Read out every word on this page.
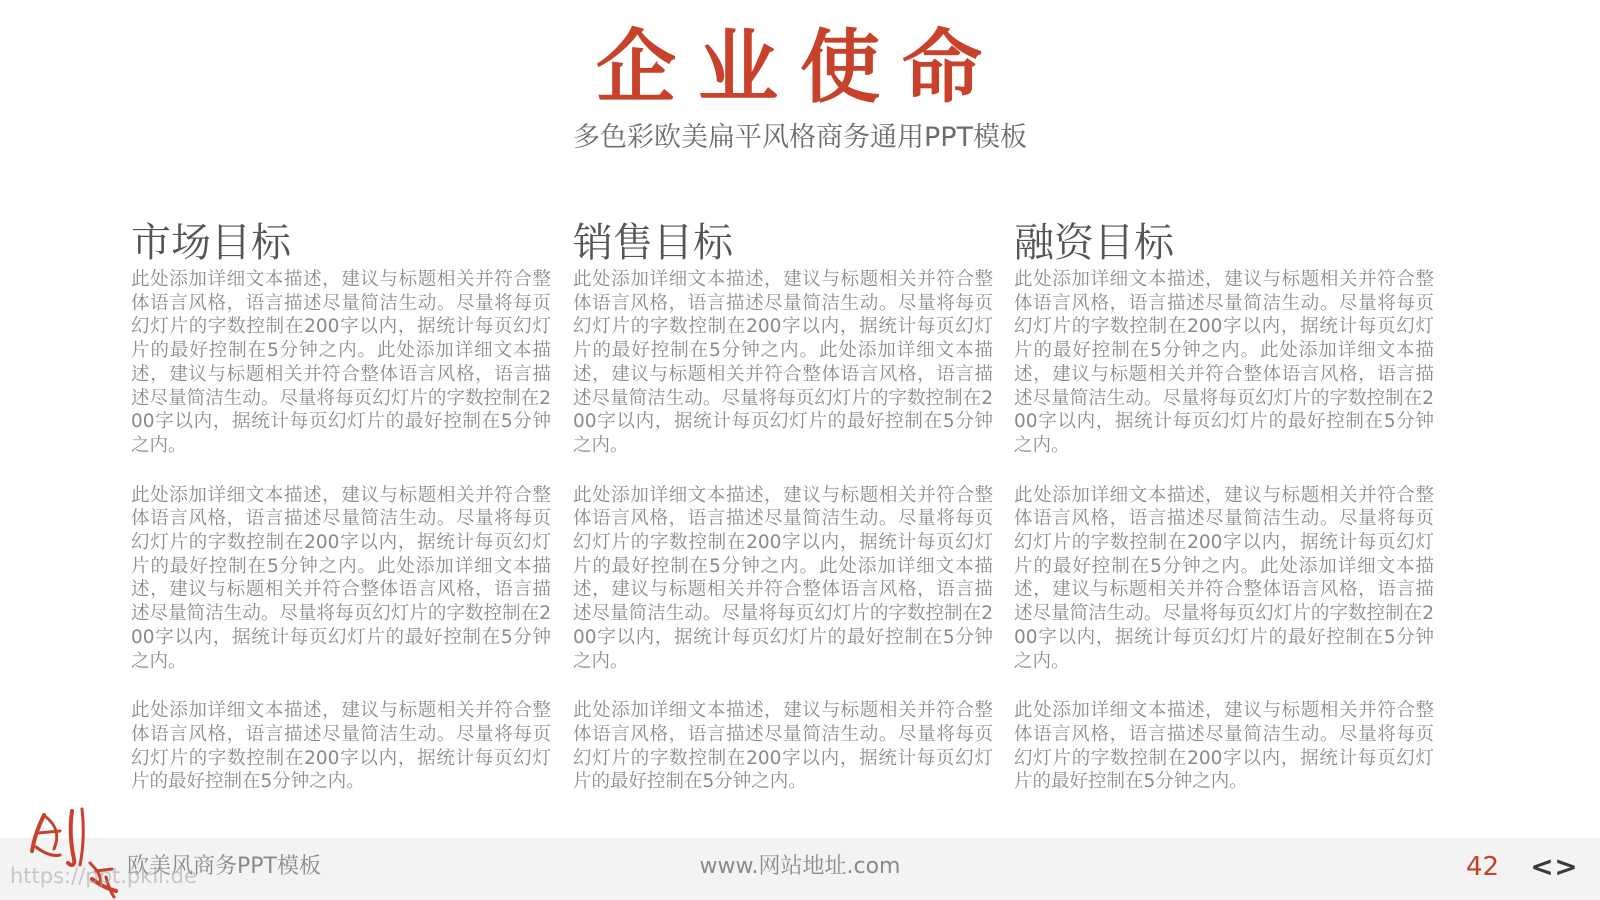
企业使命
多色彩欧美扁平风格商务通用PPT模板
市场目标

此处添加详细文本描述，建议与标题相关并符合整体语言风格，语言描述尽量简洁生动。尽量将每页幻灯片的字数控制在200字以内，据统计每页幻灯片的最好控制在5分钟之内。此处添加详细文本描述，建议与标题相关并符合整体语言风格，语言描述尽量简洁生动。尽量将每页幻灯片的字数控制在200字以内，据统计每页幻灯片的最好控制在5分钟之内。

此处添加详细文本描述，建议与标题相关并符合整体语言风格，语言描述尽量简洁生动。尽量将每页幻灯片的字数控制在200字以内，据统计每页幻灯片的最好控制在5分钟之内。此处添加详细文本描述，建议与标题相关并符合整体语言风格，语言描述尽量简洁生动。尽量将每页幻灯片的字数控制在200字以内，据统计每页幻灯片的最好控制在5分钟之内。

此处添加详细文本描述，建议与标题相关并符合整体语言风格，语言描述尽量简洁生动。尽量将每页幻灯片的字数控制在200字以内，据统计每页幻灯片的最好控制在5分钟之内。

销售目标

此处添加详细文本描述，建议与标题相关并符合整体语言风格，语言描述尽量简洁生动。尽量将每页幻灯片的字数控制在200字以内，据统计每页幻灯片的最好控制在5分钟之内。此处添加详细文本描述，建议与标题相关并符合整体语言风格，语言描述尽量简洁生动。尽量将每页幻灯片的字数控制在200字以内，据统计每页幻灯片的最好控制在5分钟之内。

此处添加详细文本描述，建议与标题相关并符合整体语言风格，语言描述尽量简洁生动。尽量将每页幻灯片的字数控制在200字以内，据统计每页幻灯片的最好控制在5分钟之内。此处添加详细文本描述，建议与标题相关并符合整体语言风格，语言描述尽量简洁生动。尽量将每页幻灯片的字数控制在200字以内，据统计每页幻灯片的最好控制在5分钟之内。

此处添加详细文本描述，建议与标题相关并符合整体语言风格，语言描述尽量简洁生动。尽量将每页幻灯片的字数控制在200字以内，据统计每页幻灯片的最好控制在5分钟之内。

融资目标

此处添加详细文本描述，建议与标题相关并符合整体语言风格，语言描述尽量简洁生动。尽量将每页幻灯片的字数控制在200字以内，据统计每页幻灯片的最好控制在5分钟之内。此处添加详细文本描述，建议与标题相关并符合整体语言风格，语言描述尽量简洁生动。尽量将每页幻灯片的字数控制在200字以内，据统计每页幻灯片的最好控制在5分钟之内。

此处添加详细文本描述，建议与标题相关并符合整体语言风格，语言描述尽量简洁生动。尽量将每页幻灯片的字数控制在200字以内，据统计每页幻灯片的最好控制在5分钟之内。此处添加详细文本描述，建议与标题相关并符合整体语言风格，语言描述尽量简洁生动。尽量将每页幻灯片的字数控制在200字以内，据统计每页幻灯片的最好控制在5分钟之内。

此处添加详细文本描述，建议与标题相关并符合整体语言风格，语言描述尽量简洁生动。尽量将每页幻灯片的字数控制在200字以内，据统计每页幻灯片的最好控制在5分钟之内。

欧美风商务PPT模板	www.网站地址.com	42 < >
https://ppt.pkll.de
